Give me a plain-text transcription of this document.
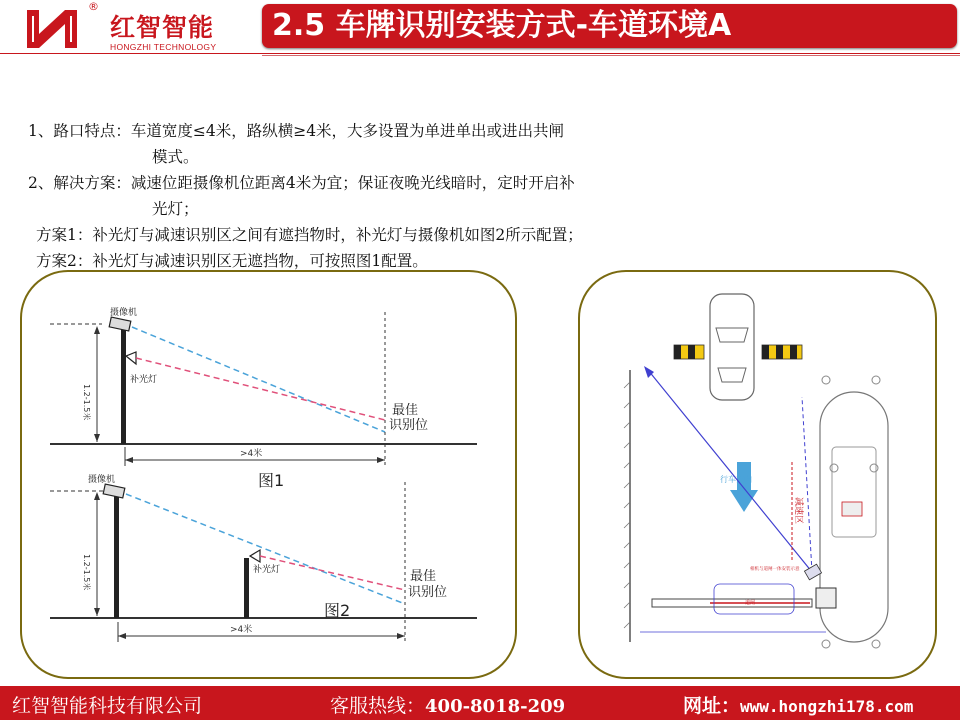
®
红智智能
HONGZHI TECHNOLOGY
2.5 车牌识别安装方式-车道环境A
1、路口特点：车道宽度≤4米，路纵横≥4米，大多设置为单进单出或进出共闸
模式。
2、解决方案：减速位距摄像机位距离4米为宜；保证夜晚光线暗时，定时开启补
光灯；
方案1：补光灯与减速识别区之间有遮挡物时，补光灯与摄像机如图2所示配置；
方案2：补光灯与减速识别区无遮挡物，可按照图1配置。
1.2-1.5米
摄像机
补光灯
最佳
识别位
>4米
图1
1.2-1.5米
摄像机
补光灯	最佳
识别位
>4米
图2
行车方向
减速区
相机与道闸一体安装示意
道闸
红智智能科技有限公司	客服热线：400-8018-209	网址：www.hongzhi178.com
